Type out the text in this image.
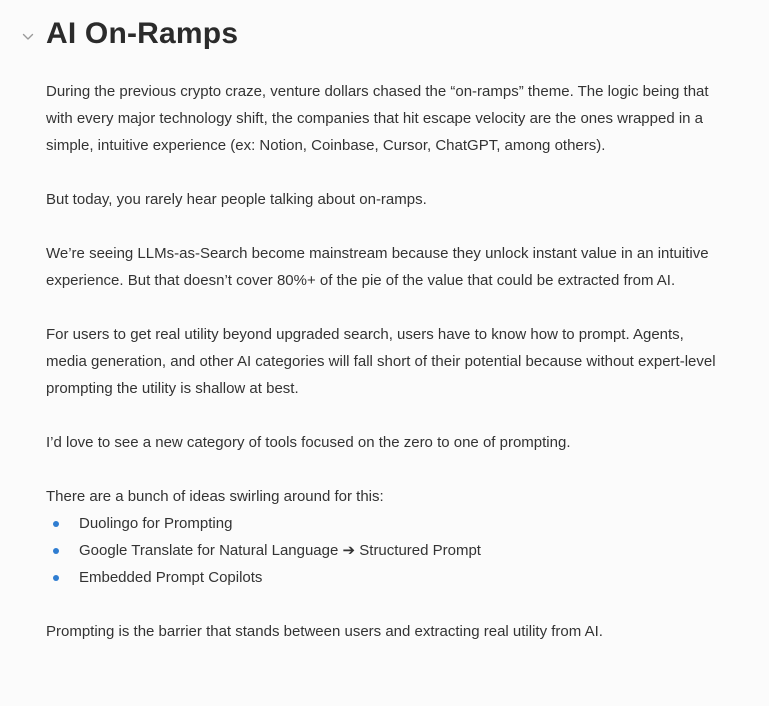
AI On-Ramps

During the previous crypto craze, venture dollars chased the “on-ramps” theme. The logic being that with every major technology shift, the companies that hit escape velocity are the ones wrapped in a simple, intuitive experience (ex: Notion, Coinbase, Cursor, ChatGPT, among others).

But today, you rarely hear people talking about on-ramps.

We’re seeing LLMs-as-Search become mainstream because they unlock instant value in an intuitive experience. But that doesn’t cover 80%+ of the pie of the value that could be extracted from AI.

For users to get real utility beyond upgraded search, users have to know how to prompt. Agents, media generation, and other AI categories will fall short of their potential because without expert-level prompting the utility is shallow at best.

I’d love to see a new category of tools focused on the zero to one of prompting.

There are a bunch of ideas swirling around for this:

Duolingo for Prompting
Google Translate for Natural Language ➔ Structured Prompt
Embedded Prompt Copilots

Prompting is the barrier that stands between users and extracting real utility from AI.
